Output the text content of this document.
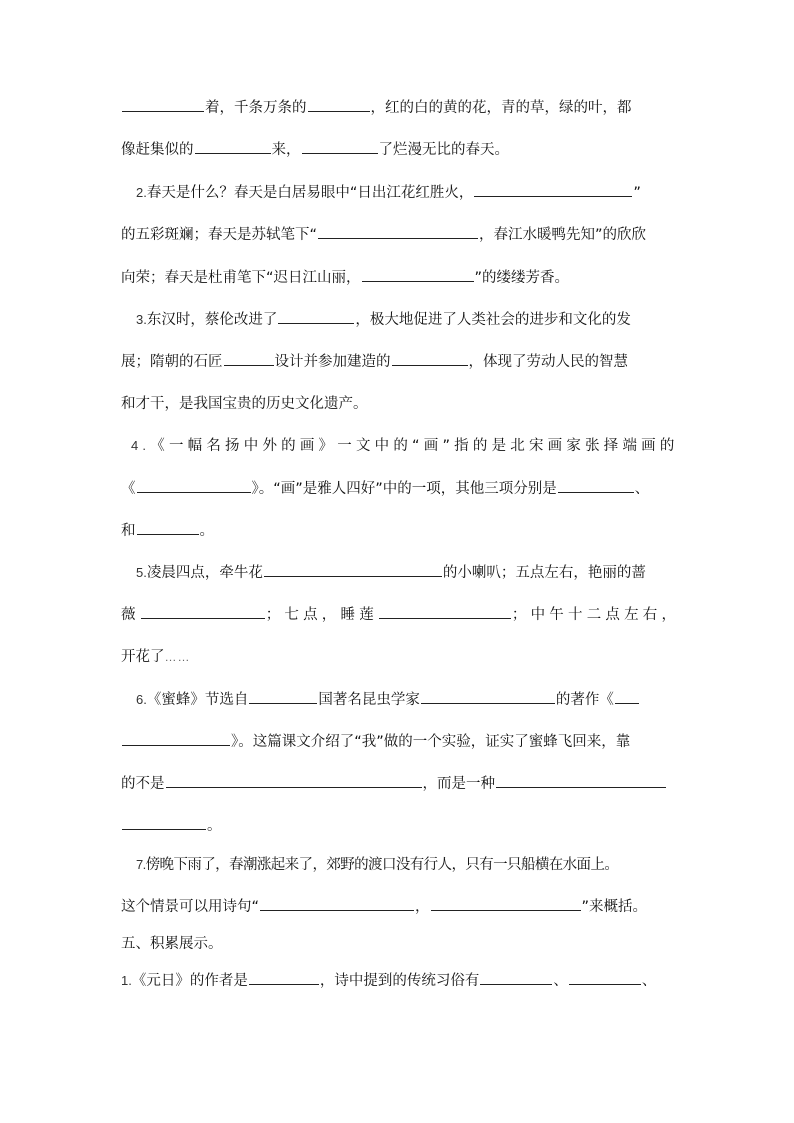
着，千条万条的	，红的白的黄的花，青的草，绿的叶，都
像赶集似的	来，	了烂漫无比的春天。
2.春天是什么？春天是白居易眼中“日出江花红胜火，	”
的五彩斑斓；春天是苏轼笔下“	，春江水暖鸭先知”的欣欣
向荣；春天是杜甫笔下“迟日江山丽，	”的缕缕芳香。
3.东汉时，蔡伦改进了	，极大地促进了人类社会的进步和文化的发
展；隋朝的石匠	设计并参加建造的	，体现了劳动人民的智慧
和才干，是我国宝贵的历史文化遗产。
4.《一幅名扬中外的画》一文中的“画”指的是北宋画家张择端画的
《	》。“画”是雅人四好”中的一项，其他三项分别是	、
和	。
5.凌晨四点，牵牛花	的小喇叭；五点左右，艳丽的蔷
薇	；七点，睡莲	；中午十二点左右，
开花了……
6.《蜜蜂》节选自	国著名昆虫学家	的著作《
》。这篇课文介绍了“我”做的一个实验，证实了蜜蜂飞回来，靠
的不是	，而是一种
。
7.傍晚下雨了，春潮涨起来了，郊野的渡口没有行人，只有一只船横在水面上。
这个情景可以用诗句“	，	”来概括。
五、积累展示。
1.《元日》的作者是	，诗中提到的传统习俗有	、	、
